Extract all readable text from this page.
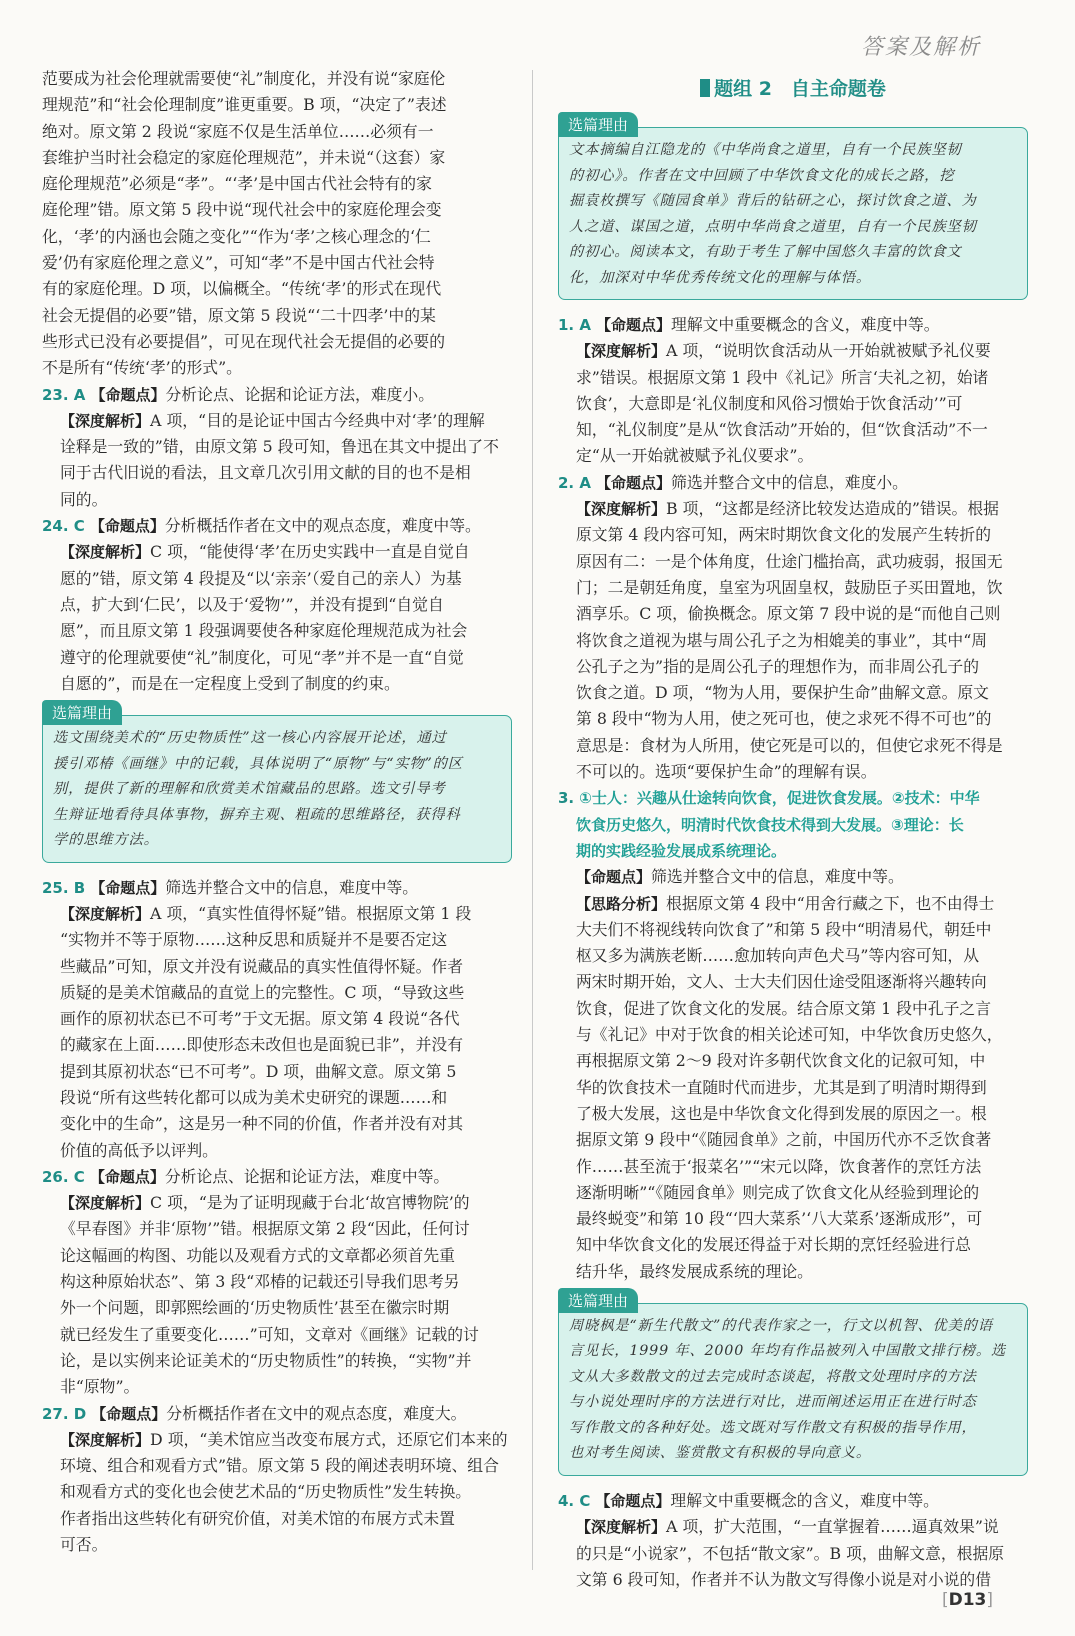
答案及解析

范要成为社会伦理就需要使“礼”制度化，并没有说“家庭伦

理规范”和“社会伦理制度”谁更重要。B 项，“决定了”表述

绝对。原文第 2 段说“家庭不仅是生活单位……必须有一

套维护当时社会稳定的家庭伦理规范”，并未说“（这套）家

庭伦理规范”必须是“孝”。“‘孝’是中国古代社会特有的家

庭伦理”错。原文第 5 段中说“现代社会中的家庭伦理会变

化，‘孝’的内涵也会随之变化”“作为‘孝’之核心理念的‘仁

爱’仍有家庭伦理之意义”，可知“孝”不是中国古代社会特

有的家庭伦理。D 项，以偏概全。“传统‘孝’的形式在现代

社会无提倡的必要”错，原文第 5 段说“‘二十四孝’中的某

些形式已没有必要提倡”，可见在现代社会无提倡的必要的

不是所有“传统‘孝’的形式”。

23. A 【命题点】分析论点、论据和论证方法，难度小。

【深度解析】A 项，“目的是论证中国古今经典中对‘孝’的理解

诠释是一致的”错，由原文第 5 段可知，鲁迅在其文中提出了不

同于古代旧说的看法，且文章几次引用文献的目的也不是相

同的。

24. C 【命题点】分析概括作者在文中的观点态度，难度中等。

【深度解析】C 项，“能使得‘孝’在历史实践中一直是自觉自

愿的”错，原文第 4 段提及“以‘亲亲’（爱自己的亲人）为基

点，扩大到‘仁民’，以及于‘爱物’”，并没有提到“自觉自

愿”，而且原文第 1 段强调要使各种家庭伦理规范成为社会

遵守的伦理就要使“礼”制度化，可见“孝”并不是一直“自觉

自愿的”，而是在一定程度上受到了制度的约束。

选篇理由

选文围绕美术的“历史物质性”这一核心内容展开论述，通过

援引邓椿《画继》中的记载，具体说明了“原物”与“实物”的区

别，提供了新的理解和欣赏美术馆藏品的思路。选文引导考

生辩证地看待具体事物，摒弃主观、粗疏的思维路径，获得科

学的思维方法。

25. B 【命题点】筛选并整合文中的信息，难度中等。

【深度解析】A 项，“真实性值得怀疑”错。根据原文第 1 段

“实物并不等于原物……这种反思和质疑并不是要否定这

些藏品”可知，原文并没有说藏品的真实性值得怀疑。作者

质疑的是美术馆藏品的直觉上的完整性。C 项，“导致这些

画作的原初状态已不可考”于文无据。原文第 4 段说“各代

的藏家在上面……即使形态未改但也是面貌已非”，并没有

提到其原初状态“已不可考”。D 项，曲解文意。原文第 5

段说“所有这些转化都可以成为美术史研究的课题……和

变化中的生命”，这是另一种不同的价值，作者并没有对其

价值的高低予以评判。

26. C 【命题点】分析论点、论据和论证方法，难度中等。

【深度解析】C 项，“是为了证明现藏于台北‘故宫博物院’的

《早春图》并非‘原物’”错。根据原文第 2 段“因此，任何讨

论这幅画的构图、功能以及观看方式的文章都必须首先重

构这种原始状态”、第 3 段“邓椿的记载还引导我们思考另

外一个问题，即郭熙绘画的‘历史物质性’甚至在徽宗时期

就已经发生了重要变化……”可知，文章对《画继》记载的讨

论，是以实例来论证美术的“历史物质性”的转换，“实物”并

非“原物”。

27. D 【命题点】分析概括作者在文中的观点态度，难度大。

【深度解析】D 项，“美术馆应当改变布展方式，还原它们本来的

环境、组合和观看方式”错。原文第 5 段的阐述表明环境、组合

和观看方式的变化也会使艺术品的“历史物质性”发生转换。

作者指出这些转化有研究价值，对美术馆的布展方式未置

可否。

题组 2　自主命题卷
选篇理由

文本摘编自江隐龙的《中华尚食之道里，自有一个民族坚韧

的初心》。作者在文中回顾了中华饮食文化的成长之路，挖

掘袁枚撰写《随园食单》背后的钻研之心，探讨饮食之道、为

人之道、谋国之道，点明中华尚食之道里，自有一个民族坚韧

的初心。阅读本文，有助于考生了解中国悠久丰富的饮食文

化，加深对中华优秀传统文化的理解与体悟。

1. A 【命题点】理解文中重要概念的含义，难度中等。

【深度解析】A 项，“说明饮食活动从一开始就被赋予礼仪要

求”错误。根据原文第 1 段中《礼记》所言‘夫礼之初，始诸

饮食’，大意即是‘礼仪制度和风俗习惯始于饮食活动’”可

知，“礼仪制度”是从“饮食活动”开始的，但“饮食活动”不一

定“从一开始就被赋予礼仪要求”。

2. A 【命题点】筛选并整合文中的信息，难度小。

【深度解析】B 项，“这都是经济比较发达造成的”错误。根据

原文第 4 段内容可知，两宋时期饮食文化的发展产生转折的

原因有二：一是个体角度，仕途门槛抬高，武功疲弱，报国无

门；二是朝廷角度，皇室为巩固皇权，鼓励臣子买田置地，饮

酒享乐。C 项，偷换概念。原文第 7 段中说的是“而他自己则

将饮食之道视为堪与周公孔子之为相媲美的事业”，其中“周

公孔子之为”指的是周公孔子的理想作为，而非周公孔子的

饮食之道。D 项，“物为人用，要保护生命”曲解文意。原文

第 8 段中“物为人用，使之死可也，使之求死不得不可也”的

意思是：食材为人所用，使它死是可以的，但使它求死不得是

不可以的。选项“要保护生命”的理解有误。

3. ①士人：兴趣从仕途转向饮食，促进饮食发展。②技术：中华

饮食历史悠久，明清时代饮食技术得到大发展。③理论：长

期的实践经验发展成系统理论。

【命题点】筛选并整合文中的信息，难度中等。

【思路分析】根据原文第 4 段中“用舍行藏之下，也不由得士

大夫们不将视线转向饮食了”和第 5 段中“明清易代，朝廷中

枢又多为满族老断……愈加转向声色犬马”等内容可知，从

两宋时期开始，文人、士大夫们因仕途受阻逐渐将兴趣转向

饮食，促进了饮食文化的发展。结合原文第 1 段中孔子之言

与《礼记》中对于饮食的相关论述可知，中华饮食历史悠久，

再根据原文第 2～9 段对许多朝代饮食文化的记叙可知，中

华的饮食技术一直随时代而进步，尤其是到了明清时期得到

了极大发展，这也是中华饮食文化得到发展的原因之一。根

据原文第 9 段中“《随园食单》之前，中国历代亦不乏饮食著

作……甚至流于‘报菜名’”“宋元以降，饮食著作的烹饪方法

逐渐明晰”“《随园食单》则完成了饮食文化从经验到理论的

最终蜕变”和第 10 段“‘四大菜系’‘八大菜系’逐渐成形”，可

知中华饮食文化的发展还得益于对长期的烹饪经验进行总

结升华，最终发展成系统的理论。

选篇理由

周晓枫是“新生代散文”的代表作家之一，行文以机智、优美的语

言见长，1999 年、2000 年均有作品被列入中国散文排行榜。选

文从大多数散文的过去完成时态谈起，将散文处理时序的方法

与小说处理时序的方法进行对比，进而阐述运用正在进行时态

写作散文的各种好处。选文既对写作散文有积极的指导作用，

也对考生阅读、鉴赏散文有积极的导向意义。

4. C 【命题点】理解文中重要概念的含义，难度中等。

【深度解析】A 项，扩大范围，“一直掌握着……逼真效果”说

的只是“小说家”，不包括“散文家”。B 项，曲解文意，根据原

文第 6 段可知，作者并不认为散文写得像小说是对小说的借

[D13]
